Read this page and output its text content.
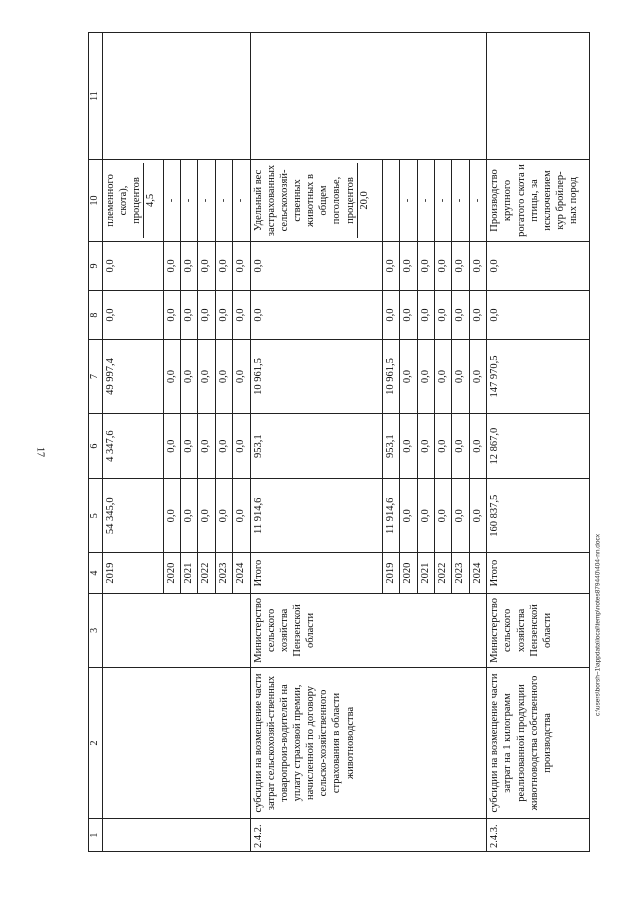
17
1	2	3	4	5	6	7	8	9	10	11
			2019	54 345,0	4 347,6	49 997,4	0,0	0,0	племенного скота), процентов 4,5	

			2020	0,0	0,0	0,0	0,0	0,0	-	
			2021	0,0	0,0	0,0	0,0	0,0	-	
			2022	0,0	0,0	0,0	0,0	0,0	-	
			2023	0,0	0,0	0,0	0,0	0,0	-	
			2024	0,0	0,0	0,0	0,0	0,0	-	
2.4.2.	субсидии на возмещение части затрат сельскохозяй-ственных товаропроиз-водителей на уплату страховой премии, начисленной по договору сельско-хозяйственного страхования в области животноводства	Министерство сельского хозяйства Пензенской области	Итого	11 914,6	953,1	10 961,5	0,0	0,0	Удельный вес застрахованных сельскохозяй-ственных животных в общем поголовье, процентов 20,0	

			2019	11 914,6	953,1	10 961,5	0,0	0,0		
			2020	0,0	0,0	0,0	0,0	0,0	-	
			2021	0,0	0,0	0,0	0,0	0,0	-	
			2022	0,0	0,0	0,0	0,0	0,0	-	
			2023	0,0	0,0	0,0	0,0	0,0	-	
			2024	0,0	0,0	0,0	0,0	0,0	-	
2.4.3.	субсидии на возмещение части затрат на 1 килограмм реализованной продукции животноводства собственного производства	Министерство сельского хозяйства Пензенской области	Итого	160 837,5	12 867,0	147 970,5	0,0	0,0	Производство крупного рогатого скота и птицы, за исключением кур бройлер-ных пород	

c:\users\borsh~1\appdata\local\temp\notes879440\404-nn.docx
